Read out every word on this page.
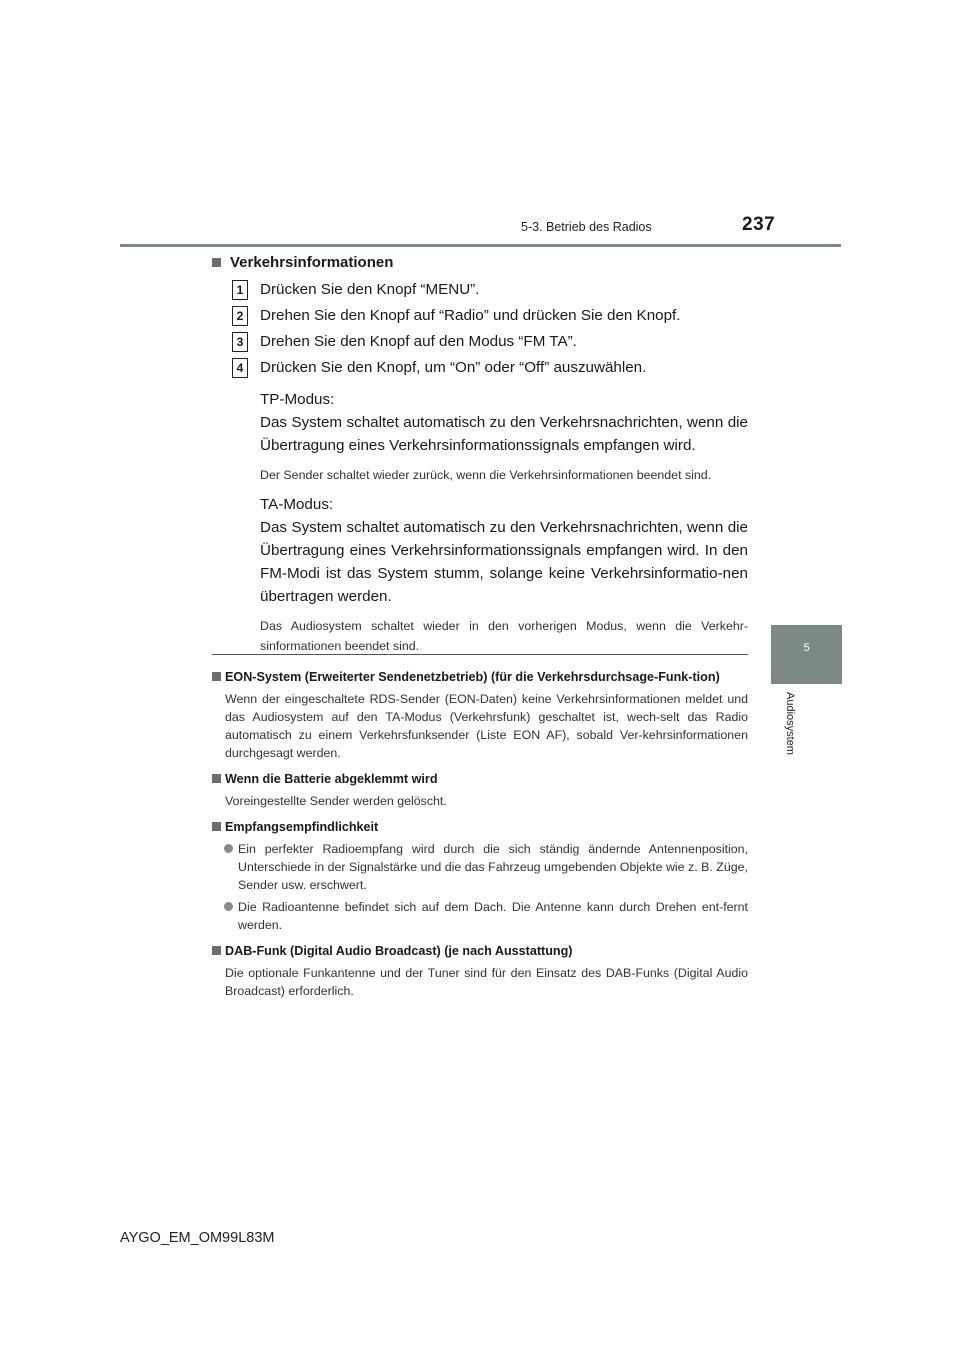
5-3. Betrieb des Radios	237
5
Audiosystem
Verkehrsinformationen
1	Drücken Sie den Knopf “MENU”.
2	Drehen Sie den Knopf auf “Radio” und drücken Sie den Knopf.
3	Drehen Sie den Knopf auf den Modus “FM TA”.
4	Drücken Sie den Knopf, um “On” oder “Off” auszuwählen.
TP-Modus:
Das System schaltet automatisch zu den Verkehrsnachrichten, wenn die Übertragung eines Verkehrsinformationssignals empfangen wird.
Der Sender schaltet wieder zurück, wenn die Verkehrsinformationen beendet sind.
TA-Modus:
Das System schaltet automatisch zu den Verkehrsnachrichten, wenn die Übertragung eines Verkehrsinformationssignals empfangen wird. In den FM-Modi ist das System stumm, solange keine Verkehrsinformatio-nen übertragen werden.
Das Audiosystem schaltet wieder in den vorherigen Modus, wenn die Verkehr-sinformationen beendet sind.
EON-System (Erweiterter Sendenetzbetrieb) (für die Verkehrsdurchsage-Funk-tion)
Wenn der eingeschaltete RDS-Sender (EON-Daten) keine Verkehrsinformationen meldet und das Audiosystem auf den TA-Modus (Verkehrsfunk) geschaltet ist, wech-selt das Radio automatisch zu einem Verkehrsfunksender (Liste EON AF), sobald Ver-kehrsinformationen durchgesagt werden.
Wenn die Batterie abgeklemmt wird
Voreingestellte Sender werden gelöscht.
Empfangsempfindlichkeit
Ein perfekter Radioempfang wird durch die sich ständig ändernde Antennenposition, Unterschiede in der Signalstärke und die das Fahrzeug umgebenden Objekte wie z. B. Züge, Sender usw. erschwert.
Die Radioantenne befindet sich auf dem Dach. Die Antenne kann durch Drehen ent-fernt werden.
DAB-Funk (Digital Audio Broadcast) (je nach Ausstattung)
Die optionale Funkantenne und der Tuner sind für den Einsatz des DAB-Funks (Digital Audio Broadcast) erforderlich.
AYGO_EM_OM99L83M
